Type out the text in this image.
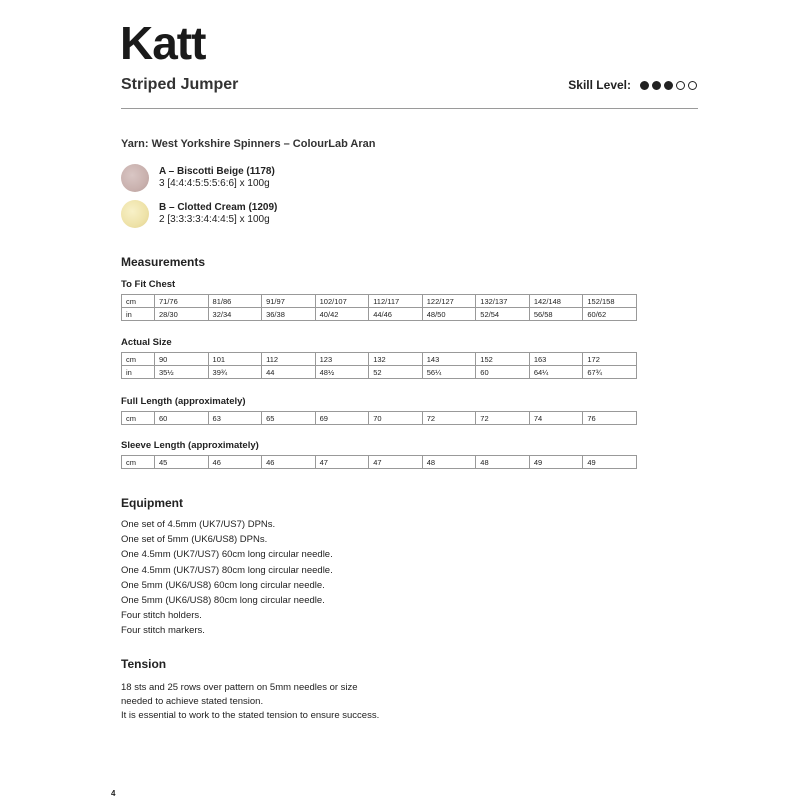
Katt
Striped Jumper	Skill Level:
Yarn: West Yorkshire Spinners – ColourLab Aran
A – Biscotti Beige (1178)
3 [4:4:4:5:5:5:6:6] x 100g
B – Clotted Cream (1209)
2 [3:3:3:3:4:4:4:5] x 100g
Measurements
To Fit Chest
cm	71/76	81/86	91/97	102/107	112/117	122/127	132/137	142/148	152/158
in	28/30	32/34	36/38	40/42	44/46	48/50	52/54	56/58	60/62
Actual Size
cm	90	101	112	123	132	143	152	163	172
in	35½	39¾	44	48½	52	56¼	60	64¼	67¾
Full Length (approximately)
cm	60	63	65	69	70	72	72	74	76
Sleeve Length (approximately)
cm	45	46	46	47	47	48	48	49	49
Equipment
One set of 4.5mm (UK7/US7) DPNs.
One set of 5mm (UK6/US8) DPNs.
One 4.5mm (UK7/US7) 60cm long circular needle.
One 4.5mm (UK7/US7) 80cm long circular needle.
One 5mm (UK6/US8) 60cm long circular needle.
One 5mm (UK6/US8) 80cm long circular needle.
Four stitch holders.
Four stitch markers.
Tension
18 sts and 25 rows over pattern on 5mm needles or size
needed to achieve stated tension.
It is essential to work to the stated tension to ensure success.
4
